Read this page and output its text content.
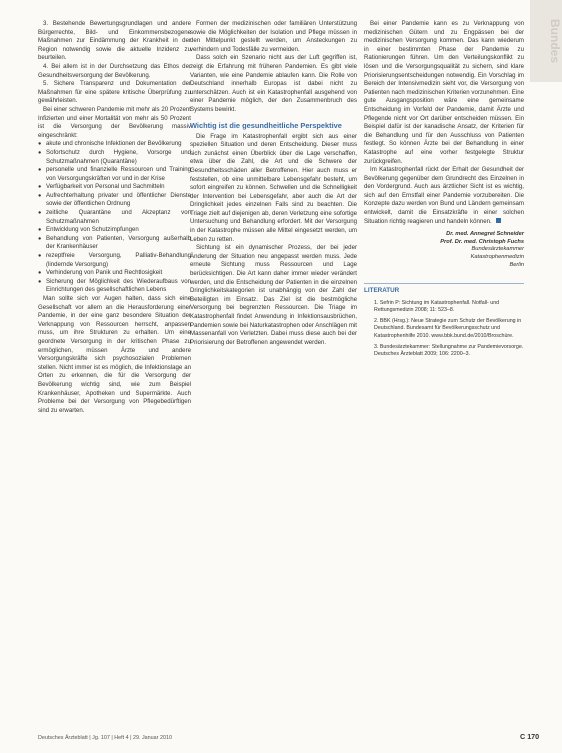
Bundes

3. Bestehende Bewertungsgrundlagen und andere Bürgerrechte, Bild- und Einkommensbezogene Maßnahmen zur Eindämmung der Krankheit in der Region notwendig sowie die aktuelle Inzidenz zu beurteilen.

4. Bei allem ist in der Durchsetzung das Ethos der Gesundheitsversorgung der Bevölkerung.

5. Sichere Transparenz und Dokumentation der Maßnahmen für eine spätere kritische Überprüfung zu gewährleisten.

Bei einer schweren Pandemie mit mehr als 20 Prozent Infizierten und einer Mortalität von mehr als 50 Prozent ist die Versorgung der Bevölkerung massiv eingeschränkt:

● akute und chronische Infektionen der Bevölkerung

● Sofortschutz durch Hygiene, Vorsorge und Schutzmaßnahmen (Quarantäne)

● personelle und finanzielle Ressourcen und Training von Versorgungskräften vor und in der Krise

● Verfügbarkeit von Personal und Sachmitteln

● Aufrechterhaltung privater und öffentlicher Dienste sowie der öffentlichen Ordnung

● zeitliche Quarantäne und Akzeptanz von Schutzmaßnahmen

● Entwicklung von Schutzimpfungen

● Behandlung von Patienten, Versorgung außerhalb der Krankenhäuser

● rezeptfreie Versorgung, Palliativ-Behandlung (lindernde Versorgung)

● Verhinderung von Panik und Rechtlosigkeit

● Sicherung der Möglichkeit des Wiederaufbaus von Einrichtungen des gesellschaftlichen Lebens

Man sollte sich vor Augen halten, dass sich eine Gesellschaft vor allem an die Herausforderung einer Pandemie, in der eine ganz besondere Situation der Verknappung von Ressourcen herrscht, anpassen muss, um ihre Strukturen zu erhalten. Um eine geordnete Versorgung in der kritischen Phase zu ermöglichen, müssen Ärzte und andere Versorgungskräfte sich psychosozialen Problemen stellen. Nicht immer ist es möglich, die Infektionslage an Orten zu erkennen, die für die Versorgung der Bevölkerung wichtig sind, wie zum Beispiel Krankenhäuser, Apotheken und Supermärkte. Auch Probleme bei der Versorgung von Pflegebedürftigen sind zu erwarten.

Formen der medizinischen oder familiären Unterstützung sowie die Möglichkeiten der Isolation und Pflege müssen in den Mittelpunkt gestellt werden, um Ansteckungen zu verhindern und Todesfälle zu vermeiden.

Dass solch ein Szenario nicht aus der Luft gegriffen ist, zeigt die Erfahrung mit früheren Pandemien. Es gibt viele Varianten, wie eine Pandemie ablaufen kann. Die Rolle von Deutschland innerhalb Europas ist dabei nicht zu unterschätzen. Auch ist ein Katastrophenfall ausgehend von einer Pandemie möglich, der den Zusammenbruch des Systems bewirkt.

Wichtig ist die gesundheitliche Perspektive

Die Frage im Katastrophenfall ergibt sich aus einer speziellen Situation und deren Entscheidung. Dieser muss sich zunächst einen Überblick über die Lage verschaffen, etwa über die Zahl, die Art und die Schwere der Gesundheitsschäden aller Betroffenen. Hier auch muss er feststellen, ob eine unmittelbare Lebensgefahr besteht, um sofort eingreifen zu können. Schwellen und die Schnelligkeit der Intervention bei Lebensgefahr, aber auch die Art der Dringlichkeit jedes einzelnen Falls sind zu beachten. Die Triage zielt auf diejenigen ab, deren Verletzung eine sofortige Untersuchung und Behandlung erfordert. Mit der Versorgung in der Katastrophe müssen alle Mittel eingesetzt werden, um Leben zu retten.

Sichtung ist ein dynamischer Prozess, der bei jeder Änderung der Situation neu angepasst werden muss. Jede erneute Sichtung muss Ressourcen und Lage berücksichtigen. Die Art kann daher immer wieder verändert werden, und die Entscheidung der Patienten in die einzelnen Dringlichkeitskategorien ist unabhängig von der Zahl der Beteiligten im Einsatz. Das Ziel ist die bestmögliche Versorgung bei begrenzten Ressourcen. Die Triage im Katastrophenfall findet Anwendung in Infektionsausbrüchen, Pandemien sowie bei Naturkatastrophen oder Anschlägen mit Massenanfall von Verletzten. Dabei muss diese auch bei der Priorisierung der Betroffenen angewendet werden.

Bei einer Pandemie kann es zu Verknappung von medizinischen Gütern und zu Engpässen bei der medizinischen Versorgung kommen. Das kann wiederum in einer bestimmten Phase der Pandemie zu Rationierungen führen. Um den Verteilungskonflikt zu lösen und die Versorgungsqualität zu sichern, sind klare Priorisierungsentscheidungen notwendig. Ein Vorschlag im Bereich der Intensivmedizin sieht vor, die Versorgung von Patienten nach medizinischen Kriterien vorzunehmen. Eine gute Ausgangsposition wäre eine gemeinsame Entscheidung im Vorfeld der Pandemie, damit Ärzte und Pflegende nicht vor Ort darüber entscheiden müssen. Ein Beispiel dafür ist der kanadische Ansatz, der Kriterien für die Behandlung und für den Ausschluss von Patienten festlegt. So können Ärzte bei der Behandlung in einer Katastrophe auf eine vorher festgelegte Struktur zurückgreifen.

Im Katastrophenfall rückt der Erhalt der Gesundheit der Bevölkerung gegenüber dem Grundrecht des Einzelnen in den Vordergrund. Auch aus ärztlicher Sicht ist es wichtig, sich auf den Ernstfall einer Pandemie vorzubereiten. Die Konzepte dazu werden von Bund und Ländern gemeinsam entwickelt, damit die Einsatzkräfte in einer solchen Situation richtig reagieren und handeln können.

Dr. med. Annegret Schneider
Prof. Dr. med. Christoph Fuchs
Bundesärztekammer
Katastrophenmedizin
Berlin
LITERATUR
1. Sefrin P: Sichtung im Katastrophenfall. Notfall- und Rettungsmedizin 2008; 11: 523–8.
2. BBK (Hrsg.): Neue Strategie zum Schutz der Bevölkerung in Deutschland. Bundesamt für Bevölkerungsschutz und Katastrophenhilfe 2010. www.bbk.bund.de/2010/Broschüre.
3. Bundesärztekammer: Stellungnahme zur Pandemievorsorge. Deutsches Ärzteblatt 2009; 106: 2200–3.
Deutsches Ärzteblatt | Jg. 107 | Heft 4 | 29. Januar 2010	C 170
